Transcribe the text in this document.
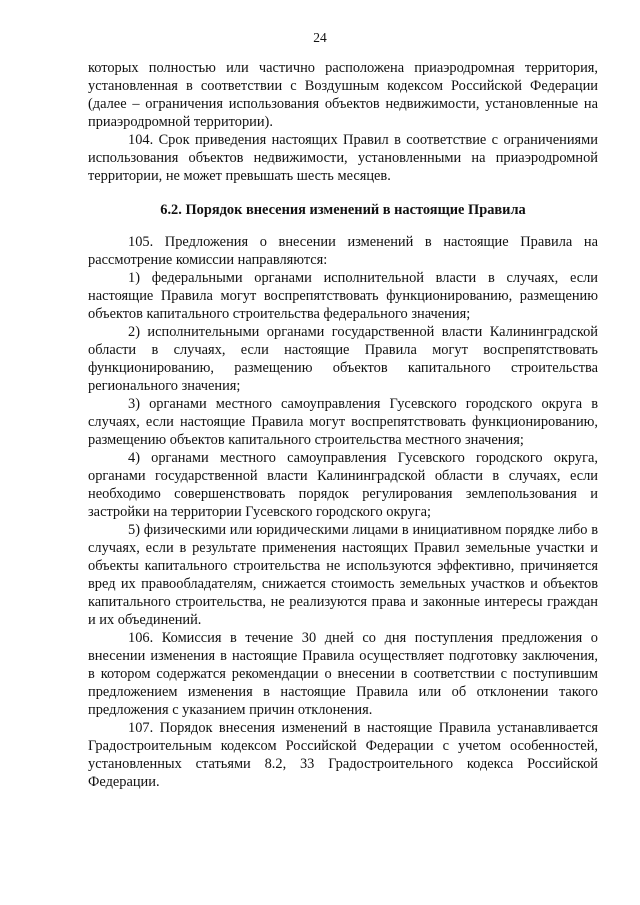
24

которых полностью или частично расположена приаэродромная территория, установленная в соответствии с Воздушным кодексом Российской Федерации (далее – ограничения использования объектов недвижимости, установленные на приаэродромной территории).

104. Срок приведения настоящих Правил в соответствие с ограничениями использования объектов недвижимости, установленными на приаэродромной территории, не может превышать шесть месяцев.

6.2. Порядок внесения изменений в настоящие Правила

105. Предложения о внесении изменений в настоящие Правила на рассмотрение комиссии направляются:

1) федеральными органами исполнительной власти в случаях, если настоящие Правила могут воспрепятствовать функционированию, размещению объектов капитального строительства федерального значения;

2) исполнительными органами государственной власти Калининградской области в случаях, если настоящие Правила могут воспрепятствовать функционированию, размещению объектов капитального строительства регионального значения;

3) органами местного самоуправления Гусевского городского округа в случаях, если настоящие Правила могут воспрепятствовать функционированию, размещению объектов капитального строительства местного значения;

4) органами местного самоуправления Гусевского городского округа, органами государственной власти Калининградской области в случаях, если необходимо совершенствовать порядок регулирования землепользования и застройки на территории Гусевского городского округа;

5) физическими или юридическими лицами в инициативном порядке либо в случаях, если в результате применения настоящих Правил земельные участки и объекты капитального строительства не используются эффективно, причиняется вред их правообладателям, снижается стоимость земельных участков и объектов капитального строительства, не реализуются права и законные интересы граждан и их объединений.

106. Комиссия в течение 30 дней со дня поступления предложения о внесении изменения в настоящие Правила осуществляет подготовку заключения, в котором содержатся рекомендации о внесении в соответствии с поступившим предложением изменения в настоящие Правила или об отклонении такого предложения с указанием причин отклонения.

107. Порядок внесения изменений в настоящие Правила устанавливается Градостроительным кодексом Российской Федерации с учетом особенностей, установленных статьями 8.2, 33 Градостроительного кодекса Российской Федерации.
